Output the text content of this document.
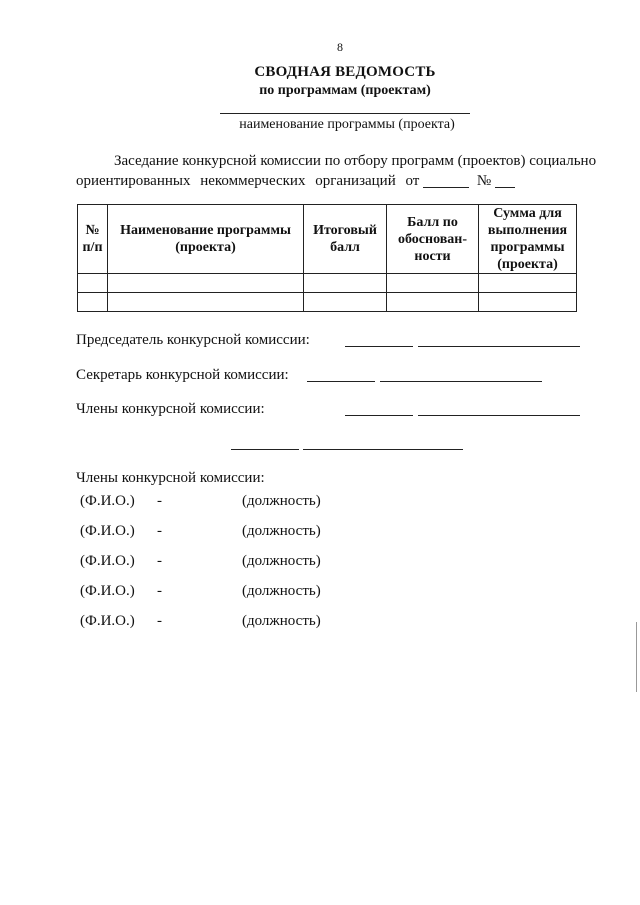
8
СВОДНАЯ ВЕДОМОСТЬ
по программам (проектам)
наименование программы (проекта)
Заседание конкурсной комиссии по отбору программ (проектов) социально
ориентированных некоммерческих организаций от	№
№ п/п	Наименование программы (проекта)	Итоговый балл	Балл по обоснован-ности	Сумма для выполнения программы (проекта)

Председатель конкурсной комиссии:
Секретарь конкурсной комиссии:
Члены конкурсной комиссии:
Члены конкурсной комиссии:
(Ф.И.О.) -	(должность)
(Ф.И.О.) -	(должность)
(Ф.И.О.) -	(должность)
(Ф.И.О.) -	(должность)
(Ф.И.О.) -	(должность)
